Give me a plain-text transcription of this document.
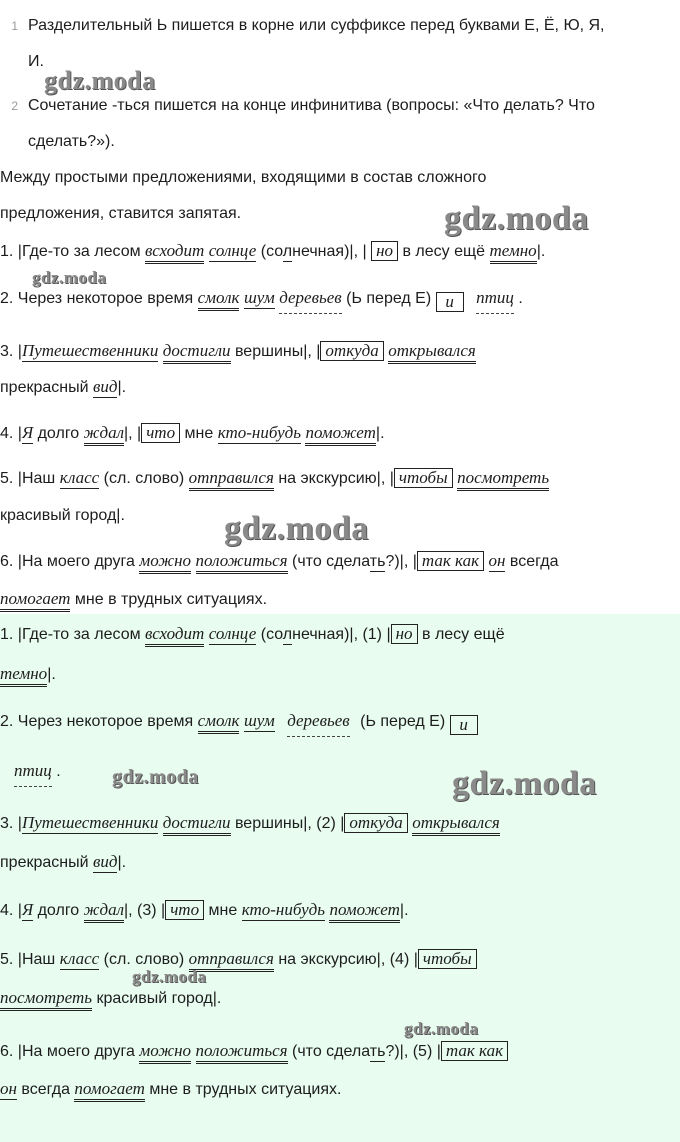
1 Разделительный Ь пишется в корне или суффиксе перед буквами Е, Ё, Ю, Я,
И.
2 Сочетание -ться пишется на конце инфинитива (вопросы: «Что делать? Что
сделать?»).
Между простыми предложениями, входящими в состав сложного
предложения, ставится запятая.
1. |Где-то за лесом всходит солнце (солнечная)|, | но в лесу ещё темно|.
2. Через некоторое время смолк шум деревьев (Ь перед Е) и птиц .
3. |Путешественники достигли вершины|, | откуда открывался
прекрасный вид|.
4. |Я долго ждал|, | что мне кто-нибудь поможет|.
5. |Наш класс (сл. слово) отправился на экскурсию|, | чтобы посмотреть
красивый город|.
6. |На моего друга можно положиться (что сделать?)|, | так как он всегда
помогает мне в трудных ситуациях.
1. |Где-то за лесом всходит солнце (солнечная)|, (1) | но в лесу ещё
темно|.
2. Через некоторое время смолк шум деревьев (Ь перед Е) и
птиц .
3. |Путешественники достигли вершины|, (2) | откуда открывался
прекрасный вид|.
4. |Я долго ждал|, (3) | что мне кто-нибудь поможет|.
5. |Наш класс (сл. слово) отправился на экскурсию|, (4) | чтобы
посмотреть красивый город|.
6. |На моего друга можно положиться (что сделать?)|, (5) | так как
он всегда помогает мне в трудных ситуациях.
gdz.moda
gdz.moda
gdz.moda
gdz.moda
gdz.moda	gdz.moda
gdz.moda
gdz.moda
